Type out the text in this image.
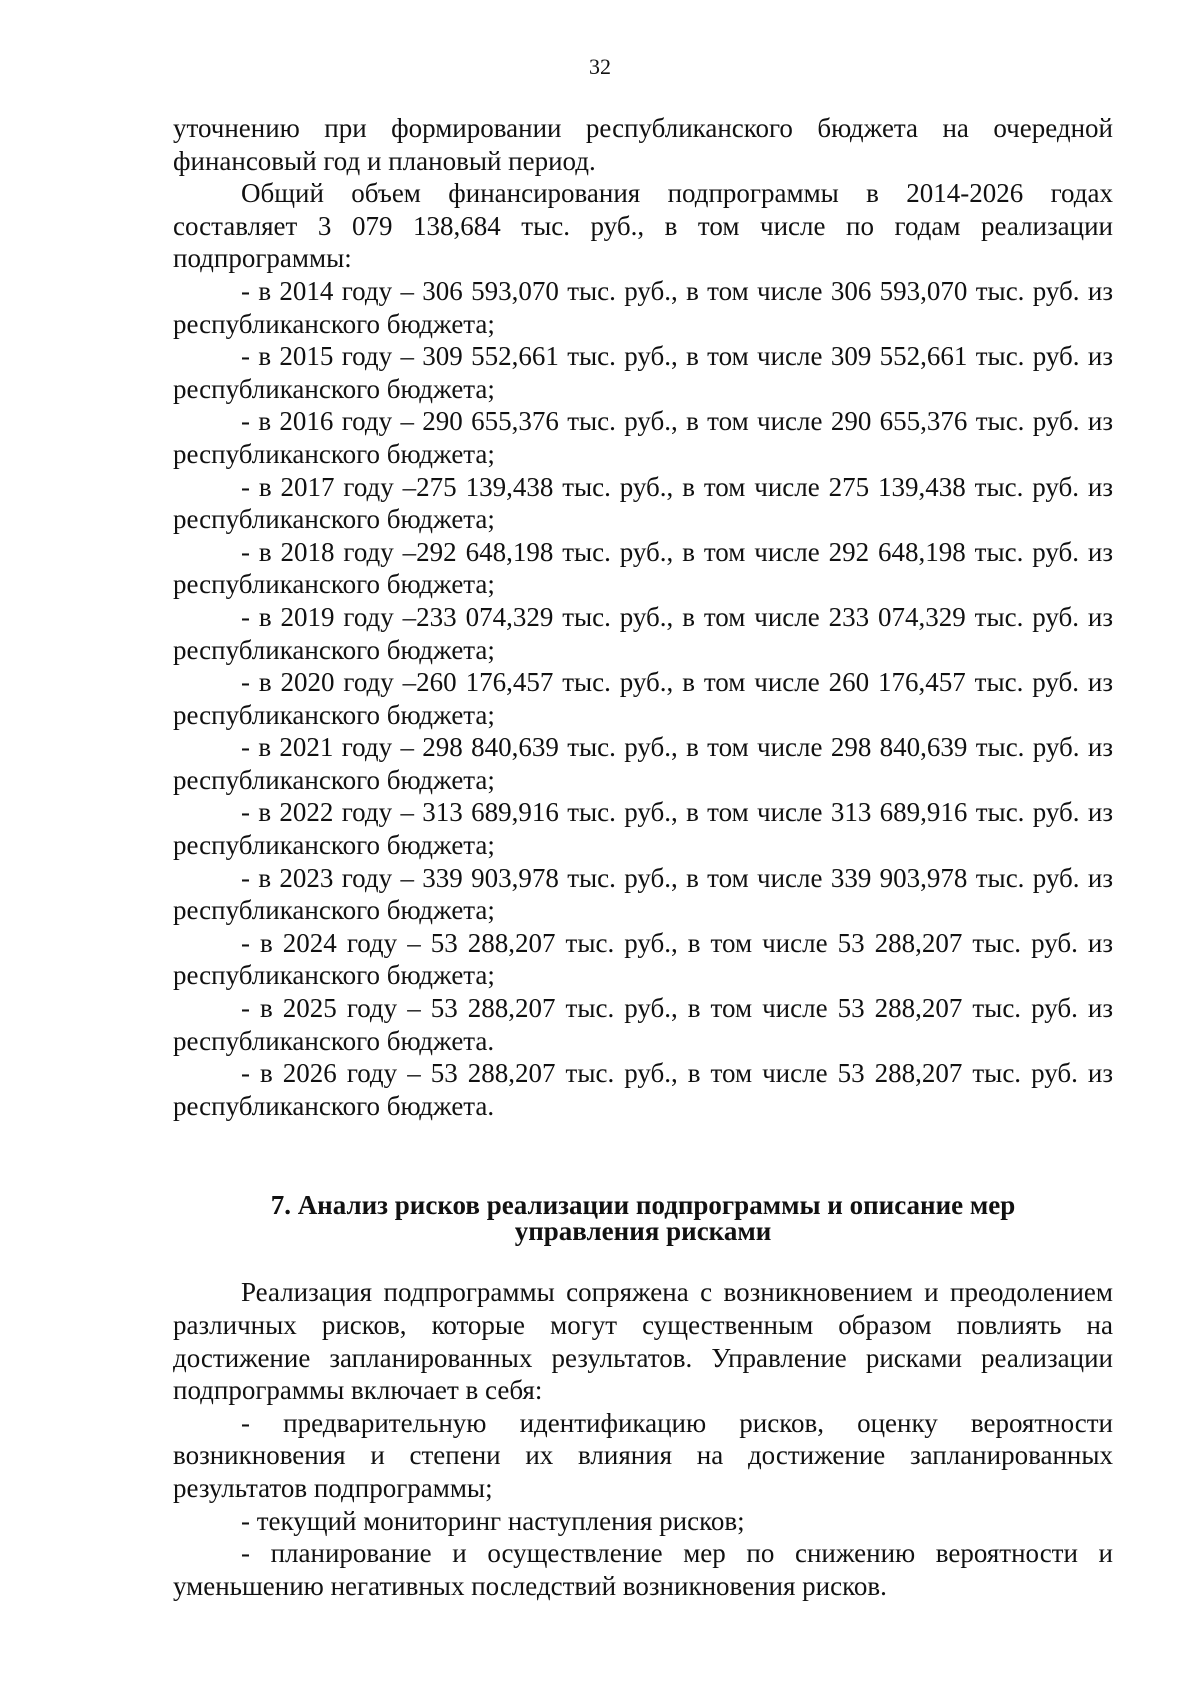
32

уточнению при формировании республиканского бюджета на очередной финансовый год и плановый период.

Общий объем финансирования подпрограммы в 2014-2026 годах составляет 3 079 138,684 тыс. руб., в том числе по годам реализации подпрограммы:

- в 2014 году – 306 593,070 тыс. руб., в том числе 306 593,070 тыс. руб. из республиканского бюджета;

- в 2015 году – 309 552,661 тыс. руб., в том числе 309 552,661 тыс. руб. из республиканского бюджета;

- в 2016 году – 290 655,376 тыс. руб., в том числе 290 655,376 тыс. руб. из республиканского бюджета;

- в 2017 году –275 139,438 тыс. руб., в том числе 275 139,438 тыс. руб. из республиканского бюджета;

- в 2018 году –292 648,198 тыс. руб., в том числе 292 648,198 тыс. руб. из республиканского бюджета;

- в 2019 году –233 074,329 тыс. руб., в том числе 233 074,329 тыс. руб. из республиканского бюджета;

- в 2020 году –260 176,457 тыс. руб., в том числе 260 176,457 тыс. руб. из республиканского бюджета;

- в 2021 году – 298 840,639 тыс. руб., в том числе 298 840,639 тыс. руб. из республиканского бюджета;

- в 2022 году – 313 689,916 тыс. руб., в том числе 313 689,916 тыс. руб. из республиканского бюджета;

- в 2023 году – 339 903,978 тыс. руб., в том числе 339 903,978 тыс. руб. из республиканского бюджета;

- в 2024 году – 53 288,207 тыс. руб., в том числе 53 288,207 тыс. руб. из республиканского бюджета;

- в 2025 году – 53 288,207 тыс. руб., в том числе 53 288,207 тыс. руб. из республиканского бюджета.

- в 2026 году – 53 288,207 тыс. руб., в том числе 53 288,207 тыс. руб. из республиканского бюджета.

7. Анализ рисков реализации подпрограммы и описание мер
управления рисками

Реализация подпрограммы сопряжена с возникновением и преодолением различных рисков, которые могут существенным образом повлиять на достижение запланированных результатов. Управление рисками реализации подпрограммы включает в себя:

- предварительную идентификацию рисков, оценку вероятности возникновения и степени их влияния на достижение запланированных результатов подпрограммы;

- текущий мониторинг наступления рисков;

- планирование и осуществление мер по снижению вероятности и уменьшению негативных последствий возникновения рисков.
